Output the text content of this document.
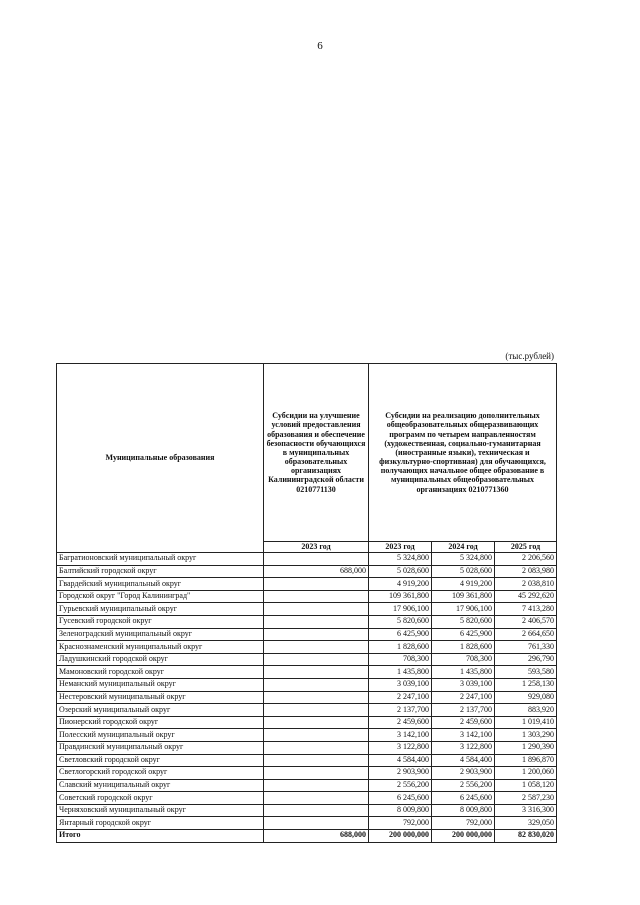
6
(тыс.рублей)
Муниципальные образования	Субсидии на улучшение условий предоставления образования и обеспечение безопасности обучающихся в муниципальных образовательных организациях Калининградской области 0210771130	Субсидии на реализацию дополнительных общеобразовательных общеразвивающих программ по четырем направленностям (художественная, социально-гуманитарная (иностранные языки), техническая и физкультурно-спортивная) для обучающихся, получающих начальное общее образование в муниципальных общеобразовательных организациях 0210771360		
	2023 год	2023 год	2024 год	2025 год
Багратионовский муниципальный округ		5 324,800	5 324,800	2 206,560
Балтийский городской округ	688,000	5 028,600	5 028,600	2 083,980
Гвардейский муниципальный округ		4 919,200	4 919,200	2 038,810
Городской округ "Город Калининград"		109 361,800	109 361,800	45 292,620
Гурьевский муниципальный округ		17 906,100	17 906,100	7 413,280
Гусевский городской округ		5 820,600	5 820,600	2 406,570
Зеленоградский муниципальный округ		6 425,900	6 425,900	2 664,650
Краснознаменский муниципальный округ		1 828,600	1 828,600	761,330
Ладушкинский городской округ		708,300	708,300	296,790
Мамоновский городской округ		1 435,800	1 435,800	593,580
Неманский муниципальный округ		3 039,100	3 039,100	1 258,130
Нестеровский муниципальный округ		2 247,100	2 247,100	929,080
Озерский муниципальный округ		2 137,700	2 137,700	883,920
Пионерский городской округ		2 459,600	2 459,600	1 019,410
Полесский муниципальный округ		3 142,100	3 142,100	1 303,290
Правдинский муниципальный округ		3 122,800	3 122,800	1 290,390
Светловский городской округ		4 584,400	4 584,400	1 896,870
Светлогорский городской округ		2 903,900	2 903,900	1 200,060
Славский муниципальный округ		2 556,200	2 556,200	1 058,120
Советский городской округ		6 245,600	6 245,600	2 587,230
Черняховский муниципальный округ		8 009,800	8 009,800	3 316,300
Янтарный городской округ		792,000	792,000	329,050
Итого	688,000	200 000,000	200 000,000	82 830,020
